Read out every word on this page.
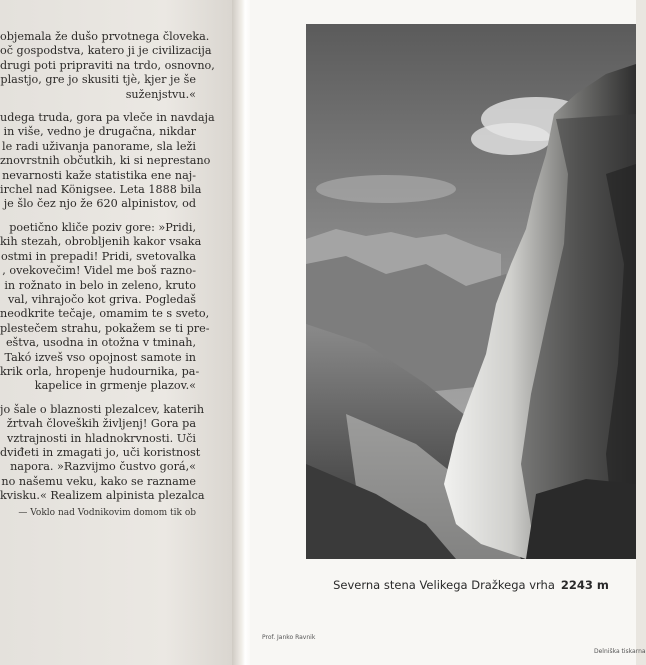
objemala že dušo prvotnega človeka.
oč gospodstva, katero ji je civilizacija
drugi poti pripraviti na trdo, osnovno,
plastjo, gre jo skusiti tjè, kjer je še
suženjstvu.«
udega truda, gora pa vleče in navdaja
in više, vedno je drugačna, nikdar
le radi uživanja panorame, sla leži
znovrstnih občutkih, ki si neprestano
nevarnosti kaže statistika ene naj-
irchel nad Königsee. Leta 1888 bila
je šlo čez njo že 620 alpinistov, od
poetično kliče poziv gore: »Pridi,
kih stezah, obrobljenih kakor vsaka
ostmi in prepadi! Pridi, svetovalka
, ovekovečim! Videl me boš razno-
in rožnato in belo in zeleno, kruto
val, vihrajočo kot griva. Pogledaš
neodkrite tečaje, omamim te s sveto,
plestečem strahu, pokažem se ti pre-
eštva, usodna in otožna v tminah,
Takó izveš vso opojnost samote in
krik orla, hropenje hudournika, pa-
kapelice in grmenje plazov.«
jo šale o blaznosti plezalcev, katerih
žrtvah človeških življenj! Gora pa
vztrajnosti in hladnokrvnosti. Uči
dviđeti in zmagati jo, uči koristnost
napora. »Razvijmo čustvo gorá,«
no našemu veku, kako se razname
kvisku.« Realizem alpinista plezalca
— Voklo nad Vodnikovim domom tik ob
Severna stena Velikega Dražkega vrha 2243 m
Prof. Janko Ravnik
Delniška tiskarna
